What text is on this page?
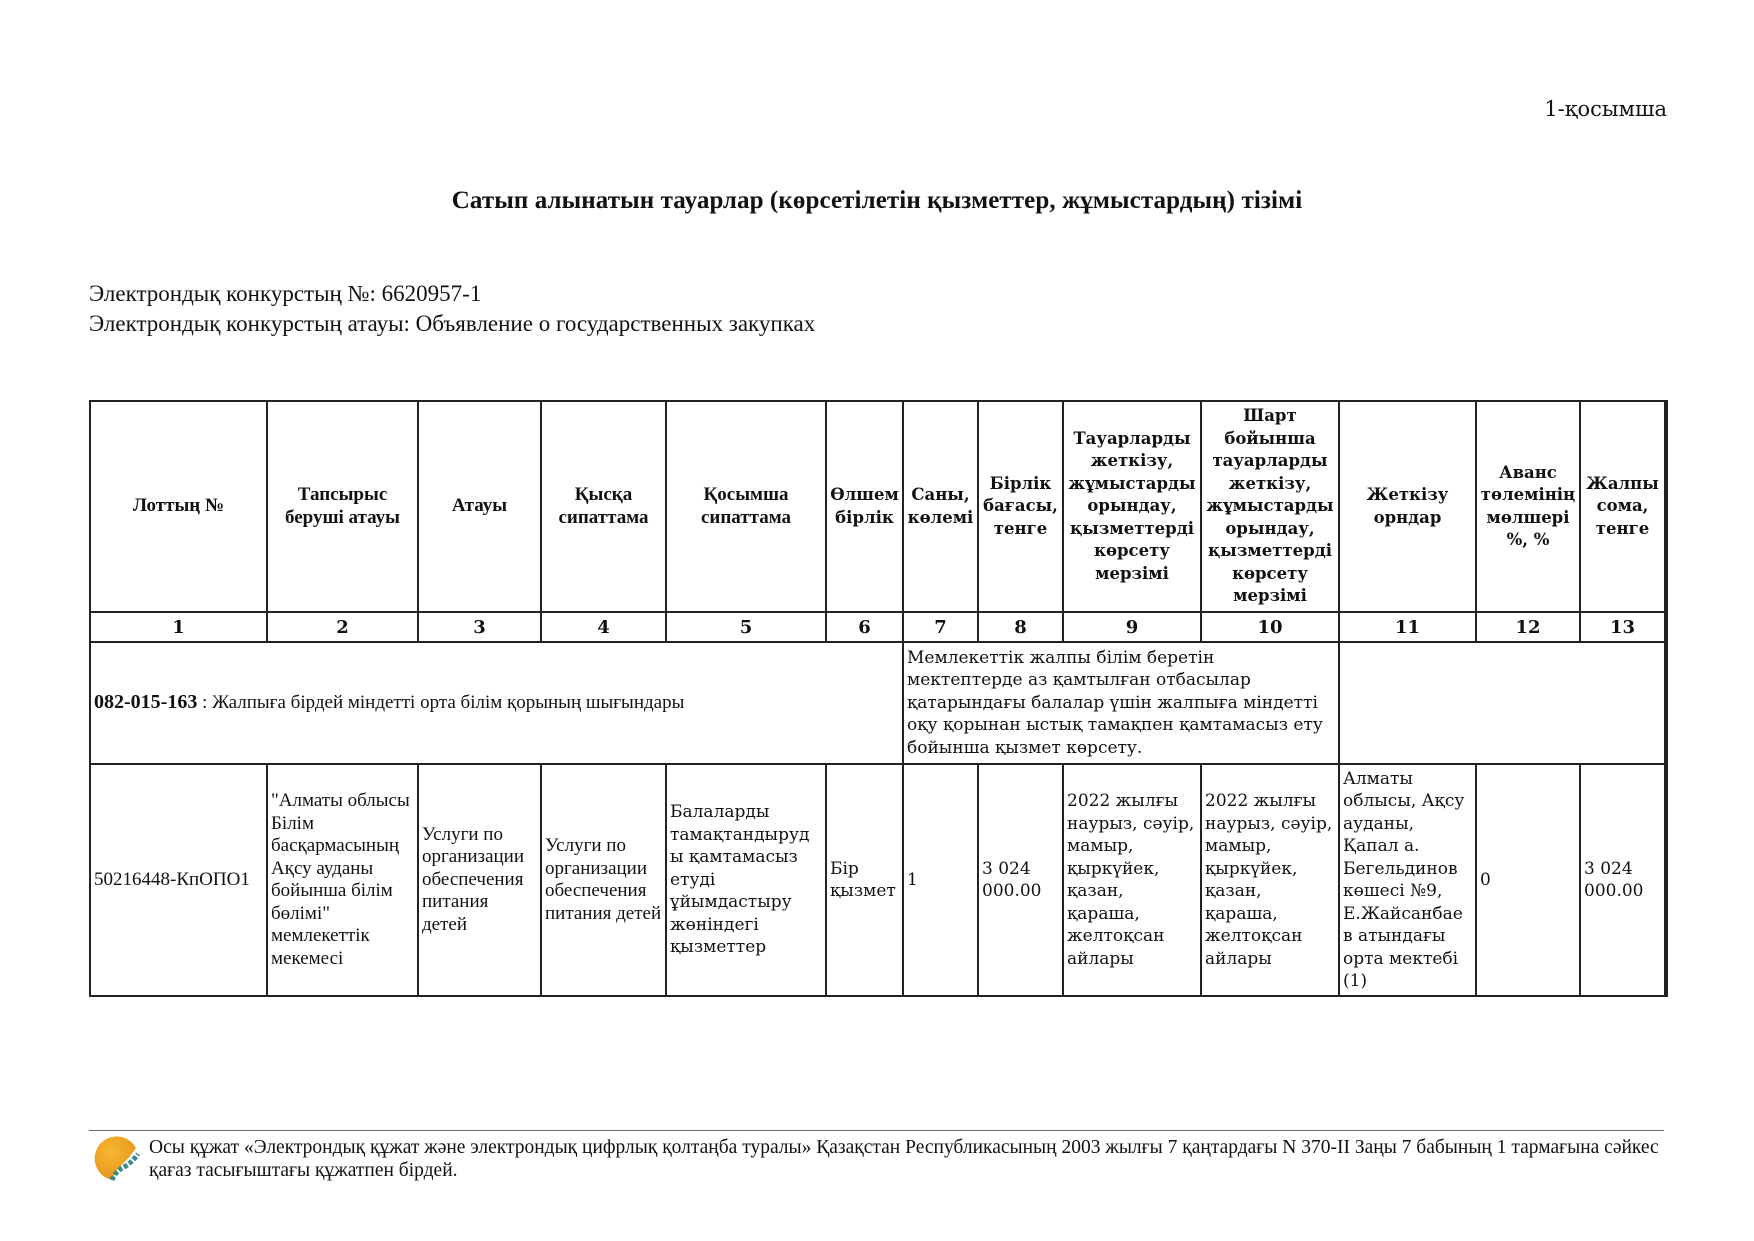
1-қосымша
Сатып алынатын тауарлар (көрсетілетін қызметтер, жұмыстардың) тізімі
Электрондық конкурстың №: 6620957-1
Электрондық конкурстың атауы: Объявление о государственных закупках
Лоттың №	Тапсырыс беруші атауы	Атауы	Қысқа сипаттама	Қосымша сипаттама	Өлшем бірлік	Саны, көлемі	Бірлік бағасы, тенге	Тауарларды жеткізу, жұмыстарды орындау, қызметтерді көрсету мерзімі	Шарт бойынша тауарларды жеткізу, жұмыстарды орындау, қызметтерді көрсету мерзімі	Жеткізу орндар	Аванс төлемінің мөлшері %, %	Жалпы сома, тенге
1	2	3	4	5	6	7	8	9	10	11	12	13
082-015-163 : Жалпыға бірдей міндетті орта білім қорының шығындары						Мемлекеттік жалпы білім беретін мектептерде аз қамтылған отбасылар қатарындағы балалар үшін жалпыға міндетті оқу қорынан ыстық тамақпен қамтамасыз ету бойынша қызмет көрсету.						
50216448-КпОПО1	"Алматы облысы Білім басқармасының Ақсу ауданы бойынша білім бөлімі" мемлекеттік мекемесі	Услуги по организации обеспечения питания детей	Услуги по организации обеспечения питания детей	Балаларды тамақтандыруды қамтамасыз етуді ұйымдастыру жөніндегі қызметтер	Бір қызмет	1	3 024 000.00	2022 жылғы наурыз, сәуір, мамыр, қыркүйек, қазан, қараша, желтоқсан айлары	2022 жылғы наурыз, сәуір, мамыр, қыркүйек, қазан, қараша, желтоқсан айлары	Алматы облысы, Ақсу ауданы, Қапал а. Бегельдинов көшесі №9, Е.Жайсанбаев атындағы орта мектебі (1)	0	3 024 000.00
Осы құжат «Электрондық құжат және электрондық цифрлық қолтаңба туралы» Қазақстан Республикасының 2003 жылғы 7 қаңтардағы N 370-II Заңы 7 бабының 1 тармағына сәйкес қағаз тасығыштағы құжатпен бірдей.
